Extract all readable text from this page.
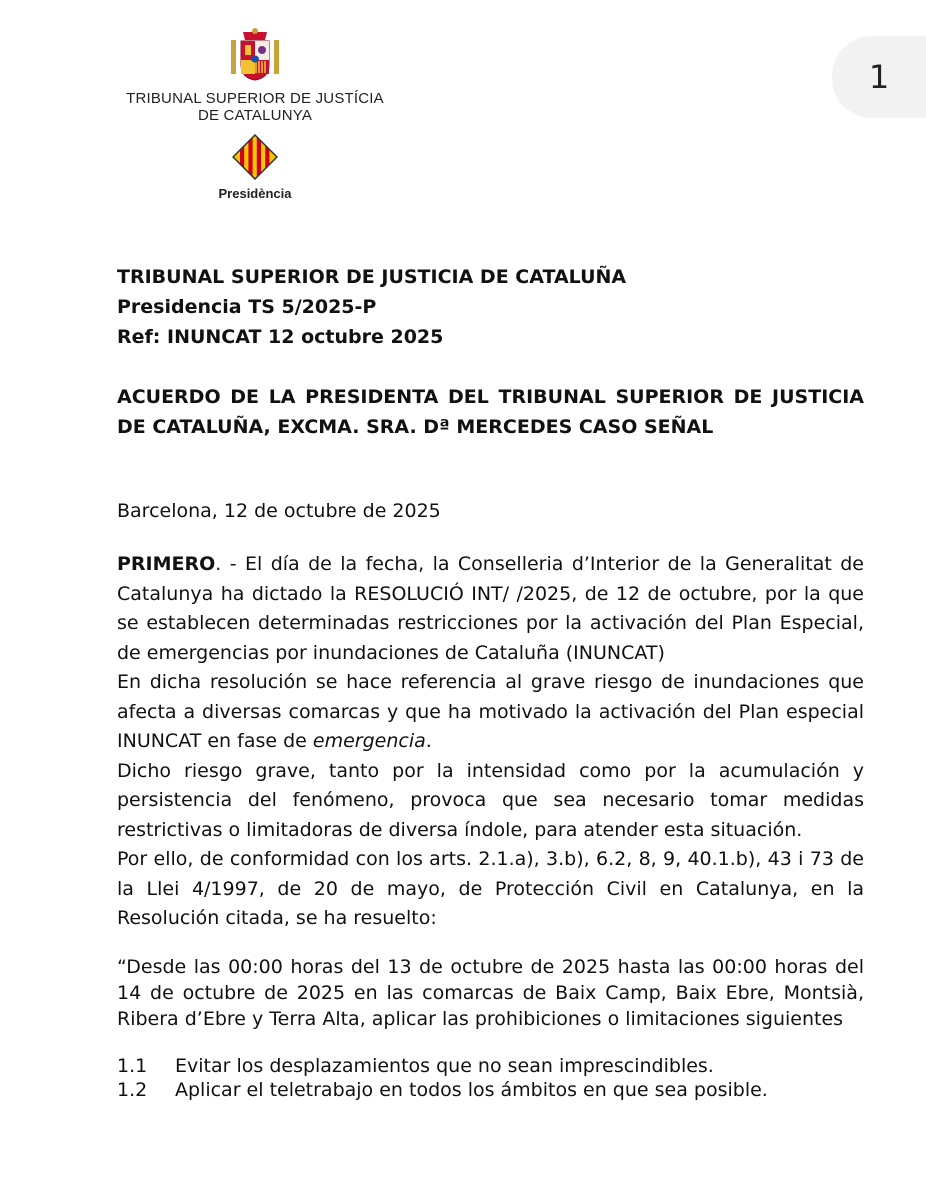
TRIBUNAL SUPERIOR DE JUSTÍCIA
DE CATALUNYA
Presidència
1
TRIBUNAL SUPERIOR DE JUSTICIA DE CATALUÑA
Presidencia TS 5/2025-P
Ref: INUNCAT 12 octubre 2025
ACUERDO DE LA PRESIDENTA DEL TRIBUNAL SUPERIOR DE JUSTICIA DE CATALUÑA, EXCMA. SRA. Dª MERCEDES CASO SEÑAL
Barcelona, 12 de octubre de 2025

PRIMERO. - El día de la fecha, la Conselleria d’Interior de la Generalitat de Catalunya ha dictado la RESOLUCIÓ INT/ /2025, de 12 de octubre, por la que se establecen determinadas restricciones por la activación del Plan Especial, de emergencias por inundaciones de Cataluña (INUNCAT)

En dicha resolución se hace referencia al grave riesgo de inundaciones que afecta a diversas comarcas y que ha motivado la activación del Plan especial INUNCAT en fase de emergencia.

Dicho riesgo grave, tanto por la intensidad como por la acumulación y persistencia del fenómeno, provoca que sea necesario tomar medidas restrictivas o limitadoras de diversa índole, para atender esta situación.

Por ello, de conformidad con los arts. 2.1.a), 3.b), 6.2, 8, 9, 40.1.b), 43 i 73 de la Llei 4/1997, de 20 de mayo, de Protección Civil en Catalunya, en la Resolución citada, se ha resuelto:

“Desde las 00:00 horas del 13 de octubre de 2025 hasta las 00:00 horas del 14 de octubre de 2025 en las comarcas de Baix Camp, Baix Ebre, Montsià, Ribera d’Ebre y Terra Alta, aplicar las prohibiciones o limitaciones siguientes
1.1	Evitar los desplazamientos que no sean imprescindibles.
1.2	Aplicar el teletrabajo en todos los ámbitos en que sea posible.
